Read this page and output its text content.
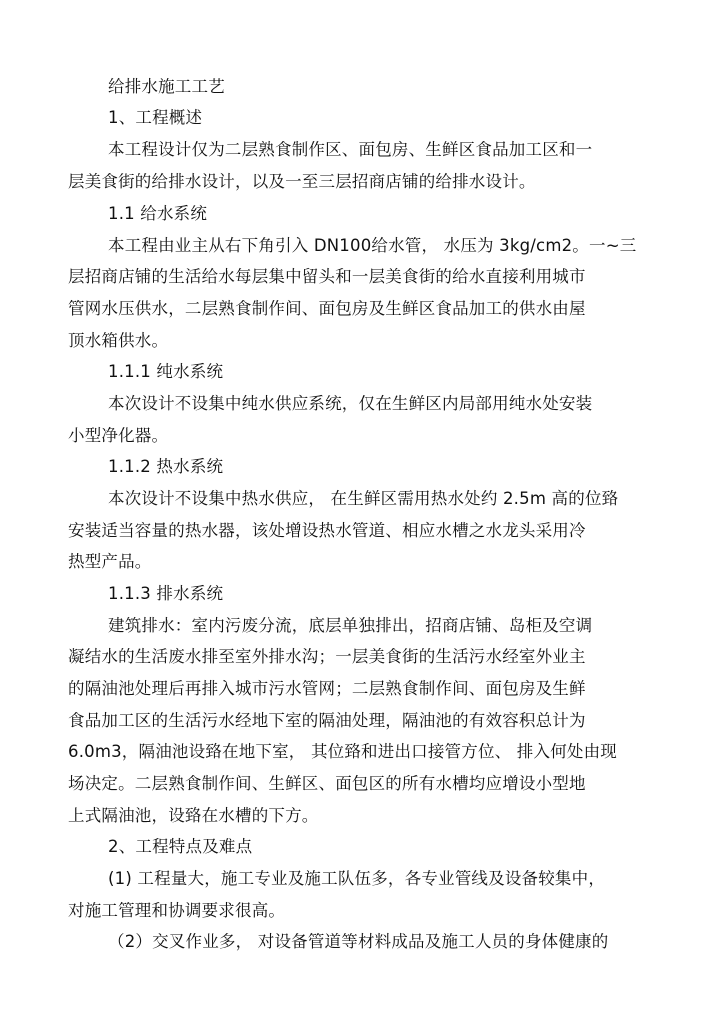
给排水施工工艺
1、工程概述
本工程设计仅为二层熟食制作区、面包房、生鲜区食品加工区和一
层美食街的给排水设计，以及一至三层招商店铺的给排水设计。
1.1 给水系统
本工程由业主从右下角引入 DN100给水管， 水压为 3kg/cm2。一~三
层招商店铺的生活给水每层集中留头和一层美食街的给水直接利用城市
管网水压供水，二层熟食制作间、面包房及生鲜区食品加工的供水由屋
顶水箱供水。
1.1.1 纯水系统
本次设计不设集中纯水供应系统，仅在生鲜区内局部用纯水处安装
小型净化器。
1.1.2 热水系统
本次设计不设集中热水供应， 在生鲜区需用热水处约 2.5m 高的位臵
安装适当容量的热水器，该处增设热水管道、相应水槽之水龙头采用冷
热型产品。
1.1.3 排水系统
建筑排水：室内污废分流，底层单独排出，招商店铺、岛柜及空调
凝结水的生活废水排至室外排水沟；一层美食街的生活污水经室外业主
的隔油池处理后再排入城市污水管网；二层熟食制作间、面包房及生鲜
食品加工区的生活污水经地下室的隔油处理，隔油池的有效容积总计为
6.0m3，隔油池设臵在地下室， 其位臵和进出口接管方位、 排入何处由现
场决定。二层熟食制作间、生鲜区、面包区的所有水槽均应增设小型地
上式隔油池，设臵在水槽的下方。
2、工程特点及难点
(1) 工程量大，施工专业及施工队伍多，各专业管线及设备较集中，
对施工管理和协调要求很高。
（2）交叉作业多， 对设备管道等材料成品及施工人员的身体健康的
